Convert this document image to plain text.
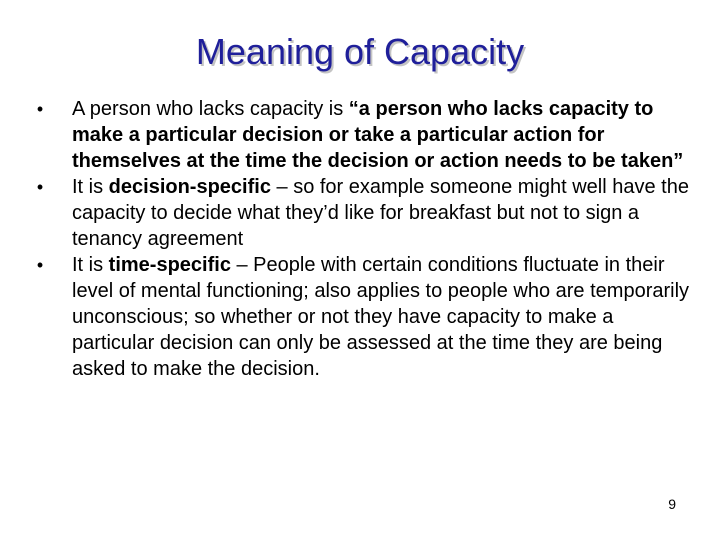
Meaning of Capacity
•	A person who lacks capacity is “a person who lacks capacity to make a particular decision or take a particular action for themselves at the time the decision or action needs to be taken”
•	It is decision-specific – so for example someone might well have the capacity to decide what they’d like for breakfast but not to sign a tenancy agreement
•	It is time-specific – People with certain conditions fluctuate in their level of mental functioning; also applies to people who are temporarily unconscious; so whether or not they have capacity to make a particular decision can only be assessed at the time they are being asked to make the decision.
9
